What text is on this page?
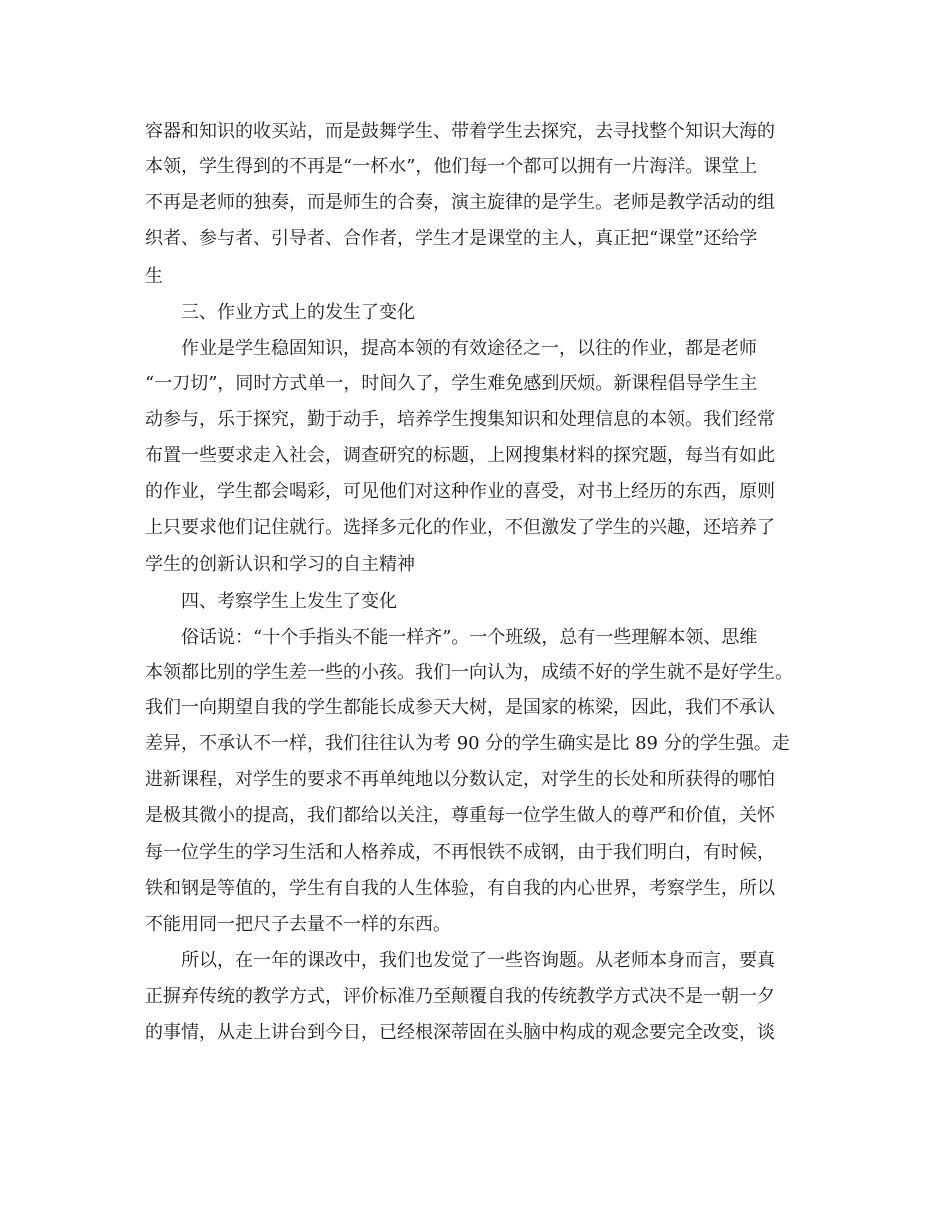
容器和知识的收买站，而是鼓舞学生、带着学生去探究，去寻找整个知识大海的
本领，学生得到的不再是“一杯水”，他们每一个都可以拥有一片海洋。课堂上
不再是老师的独奏，而是师生的合奏，演主旋律的是学生。老师是教学活动的组
织者、参与者、引导者、合作者，学生才是课堂的主人，真正把“课堂”还给学
生
三、作业方式上的发生了变化
作业是学生稳固知识，提高本领的有效途径之一，以往的作业，都是老师
“一刀切”，同时方式单一，时间久了，学生难免感到厌烦。新课程倡导学生主
动参与，乐于探究，勤于动手，培养学生搜集知识和处理信息的本领。我们经常
布置一些要求走入社会，调查研究的标题，上网搜集材料的探究题，每当有如此
的作业，学生都会喝彩，可见他们对这种作业的喜受，对书上经历的东西，原则
上只要求他们记住就行。选择多元化的作业，不但激发了学生的兴趣，还培养了
学生的创新认识和学习的自主精神
四、考察学生上发生了变化
俗话说：“十个手指头不能一样齐”。一个班级，总有一些理解本领、思维
本领都比别的学生差一些的小孩。我们一向认为，成绩不好的学生就不是好学生。
我们一向期望自我的学生都能长成参天大树，是国家的栋梁，因此，我们不承认
差异，不承认不一样，我们往往认为考 90 分的学生确实是比 89 分的学生强。走
进新课程，对学生的要求不再单纯地以分数认定，对学生的长处和所获得的哪怕
是极其微小的提高，我们都给以关注，尊重每一位学生做人的尊严和价值，关怀
每一位学生的学习生活和人格养成，不再恨铁不成钢，由于我们明白，有时候，
铁和钢是等值的，学生有自我的人生体验，有自我的内心世界，考察学生，所以
不能用同一把尺子去量不一样的东西。
所以，在一年的课改中，我们也发觉了一些咨询题。从老师本身而言，要真
正摒弃传统的教学方式，评价标准乃至颠覆自我的传统教学方式决不是一朝一夕
的事情，从走上讲台到今日，已经根深蒂固在头脑中构成的观念要完全改变，谈
